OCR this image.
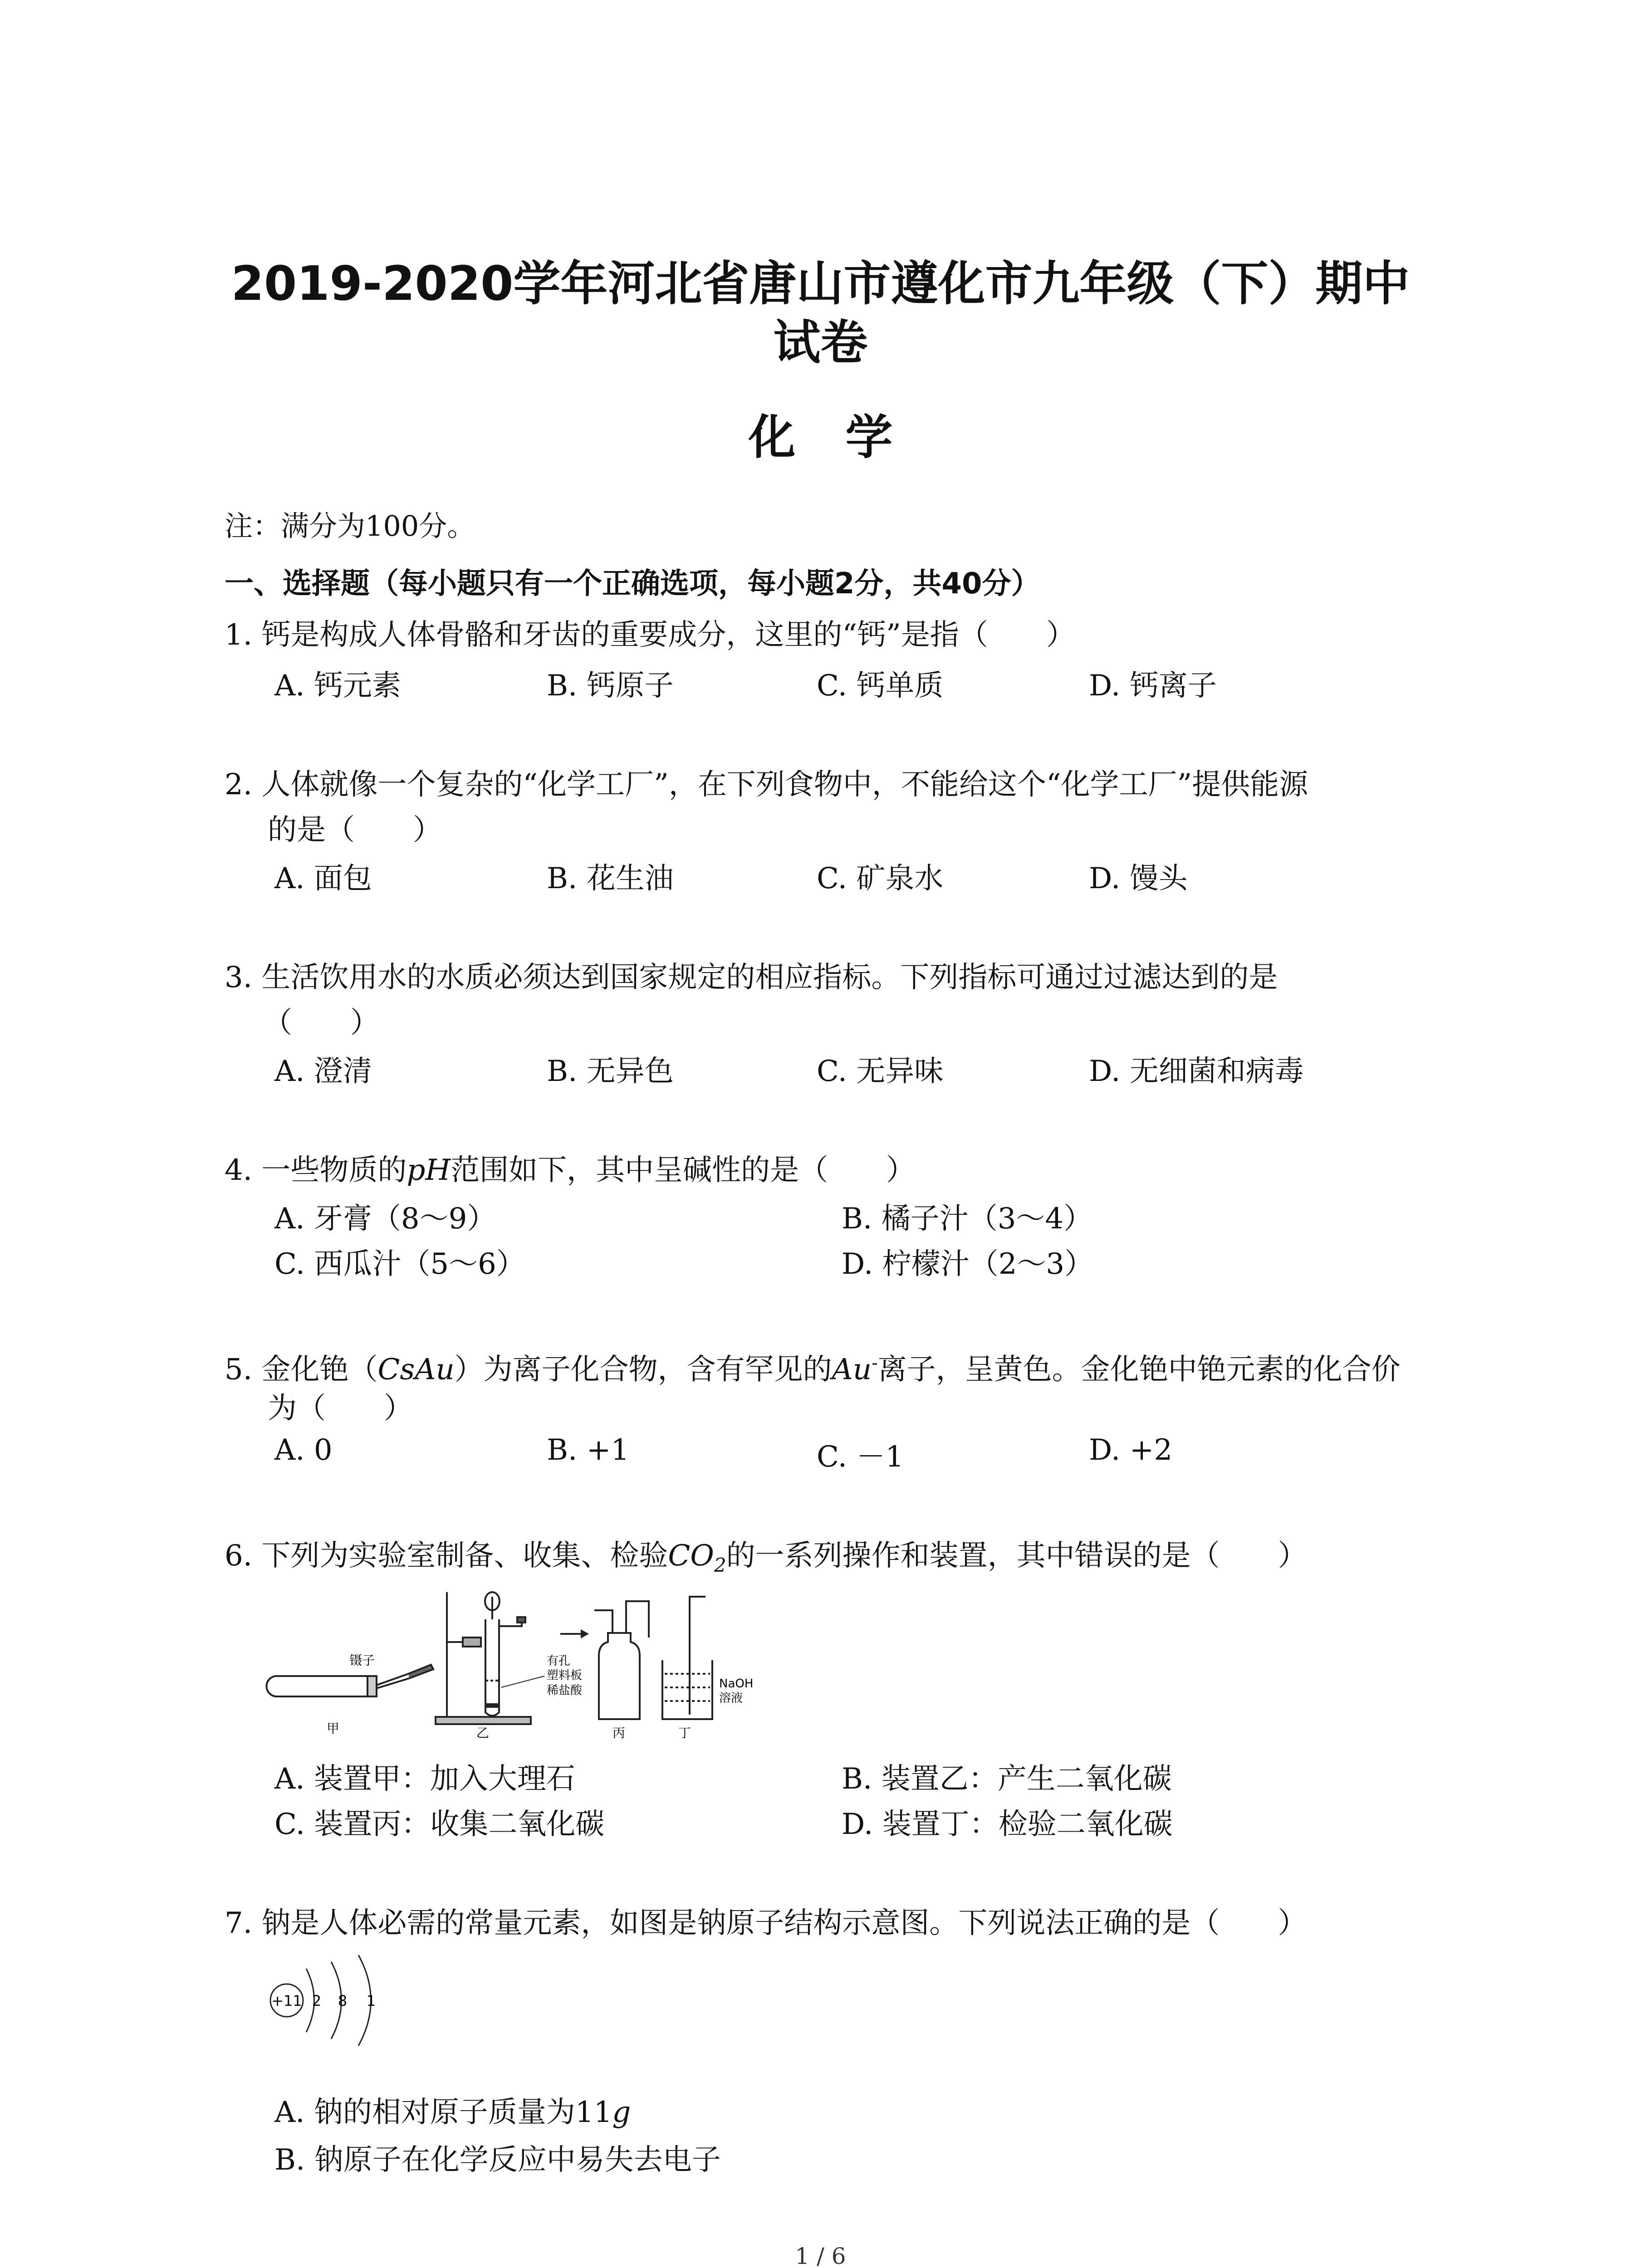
2019-2020学年河北省唐山市遵化市九年级（下）期中
试卷
化学
注：满分为100分。
一、选择题（每小题只有一个正确选项，每小题2分，共40分）
1. 钙是构成人体骨骼和牙齿的重要成分，这里的“钙”是指（　　）
A. 钙元素	B. 钙原子	C. 钙单质	D. 钙离子
2. 人体就像一个复杂的“化学工厂”，在下列食物中，不能给这个“化学工厂”提供能源
的是（　　）
A. 面包	B. 花生油	C. 矿泉水	D. 馒头
3. 生活饮用水的水质必须达到国家规定的相应指标。下列指标可通过过滤达到的是
（　　）
A. 澄清	B. 无异色	C. 无异味	D. 无细菌和病毒
4. 一些物质的pH范围如下，其中呈碱性的是（　　）
A. 牙膏（8～9）	B. 橘子汁（3～4）
C. 西瓜汁（5～6）	D. 柠檬汁（2～3）
5. 金化铯（CsAu）为离子化合物，含有罕见的Au-离子，呈黄色。金化铯中铯元素的化合价
为（　　）
A. 0	B. +1	C. －1	D. +2
6. 下列为实验室制备、收集、检验$CO_2$的一系列操作和装置，其中错误的是（　　）
镊子
甲
有孔
塑料板
稀盐酸
乙	丙
NaOH
溶液
丁
A. 装置甲：加入大理石	B. 装置乙：产生二氧化碳
C. 装置丙：收集二氧化碳	D. 装置丁：检验二氧化碳
7. 钠是人体必需的常量元素，如图是钠原子结构示意图。下列说法正确的是（　　）
+11 2 8 1
A. 钠的相对原子质量为11g
B. 钠原子在化学反应中易失去电子
1 / 6
